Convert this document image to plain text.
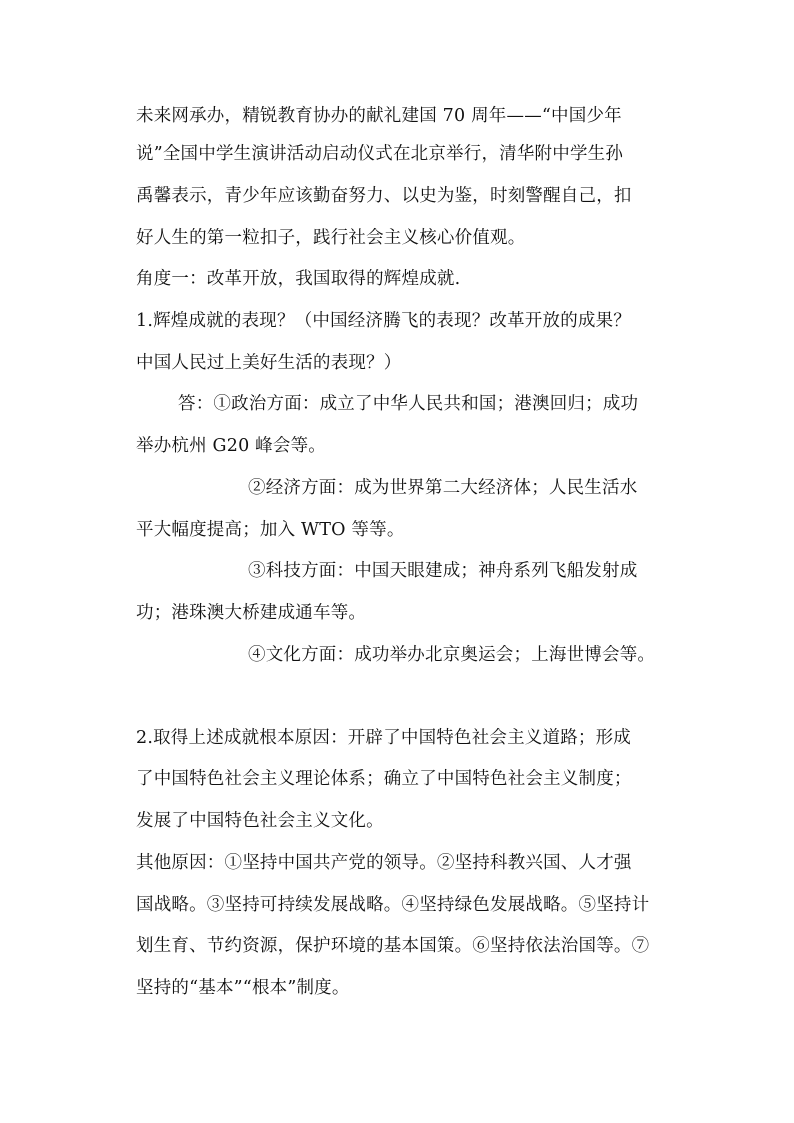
未来网承办，精锐教育协办的献礼建国 70 周年——“中国少年
说”全国中学生演讲活动启动仪式在北京举行，清华附中学生孙
禹馨表示，青少年应该勤奋努力、以史为鉴，时刻警醒自己，扣
好人生的第一粒扣子，践行社会主义核心价值观。
角度一：改革开放，我国取得的辉煌成就.
1.辉煌成就的表现？（中国经济腾飞的表现？改革开放的成果？
中国人民过上美好生活的表现？）
答：①政治方面：成立了中华人民共和国；港澳回归；成功
举办杭州 G20 峰会等。
②经济方面：成为世界第二大经济体；人民生活水
平大幅度提高；加入 WTO 等等。
③科技方面：中国天眼建成；神舟系列飞船发射成
功；港珠澳大桥建成通车等。
④文化方面：成功举办北京奥运会；上海世博会等。
2.取得上述成就根本原因：开辟了中国特色社会主义道路；形成
了中国特色社会主义理论体系；确立了中国特色社会主义制度；
发展了中国特色社会主义文化。
其他原因：①坚持中国共产党的领导。②坚持科教兴国、人才强
国战略。③坚持可持续发展战略。④坚持绿色发展战略。⑤坚持计
划生育、节约资源，保护环境的基本国策。⑥坚持依法治国等。⑦
坚持的“基本”“根本”制度。
